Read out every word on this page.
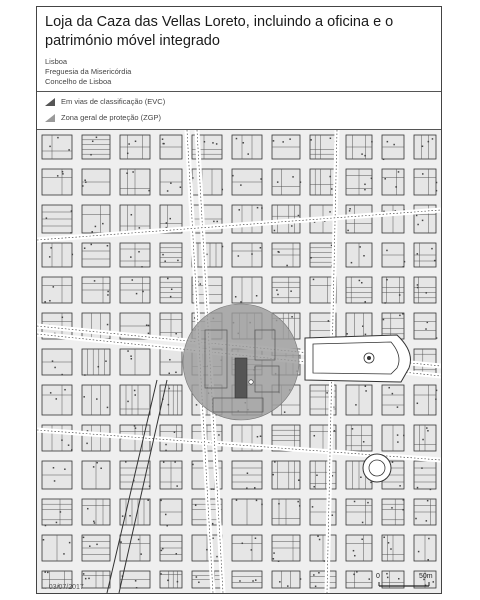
Loja da Caza das Vellas Loreto, incluindo a oficina e o património móvel integrado
Lisboa
Freguesia da Misericórdia
Concelho de Lisboa
Em vias de classificação (EVC)
Zona geral de proteção (ZGP)
... 03/07/2017
0	50m
